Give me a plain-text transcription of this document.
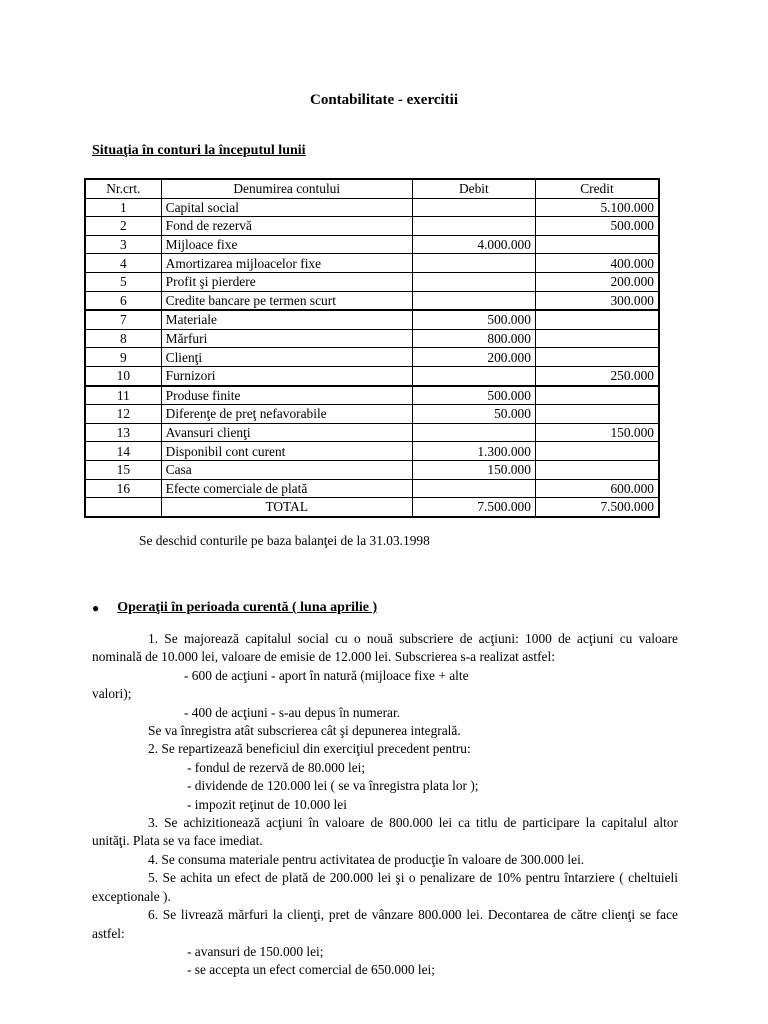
Contabilitate - exercitii
Situaţia în conturi la începutul lunii
Nr.crt.	Denumirea contului	Debit	Credit
1	Capital social		5.100.000
2	Fond de rezervă		500.000
3	Mijloace fixe	4.000.000	
4	Amortizarea mijloacelor fixe		400.000
5	Profit şi pierdere		200.000
6	Credite bancare pe termen scurt		300.000
7	Materiale	500.000	
8	Mărfuri	800.000	
9	Clienţi	200.000	
10	Furnizori		250.000
11	Produse finite	500.000	
12	Diferenţe de preţ nefavorabile	50.000	
13	Avansuri clienţi		150.000
14	Disponibil cont curent	1.300.000	
15	Casa	150.000	
16	Efecte comerciale de plată		600.000
	TOTAL	7.500.000	7.500.000
Se deschid conturile pe baza balanţei de la 31.03.1998
● Operaţii în perioada curentă ( luna aprilie )
1. Se majorează capitalul social cu o nouă subscriere de acţiuni: 1000 de acţiuni cu valoare nominală de 10.000 lei, valoare de emisie de 12.000 lei. Subscrierea s-a realizat astfel:
- 600 de acţiuni - aport în natură (mijloace fixe + alte
valori);
- 400 de acţiuni - s-au depus în numerar.
Se va înregistra atât subscrierea cât şi depunerea integrală.
2. Se repartizează beneficiul din exerciţiul precedent pentru:
- fondul de rezervă de 80.000 lei;
- dividende de 120.000 lei ( se va înregistra plata lor );
- impozit reţinut de 10.000 lei
3. Se achizitionează acţiuni în valoare de 800.000 lei ca titlu de participare la capitalul altor unităţi. Plata se va face imediat.
4. Se consuma materiale pentru activitatea de producţie în valoare de 300.000 lei.
5. Se achita un efect de plată de 200.000 lei şi o penalizare de 10% pentru întarziere ( cheltuieli exceptionale ).
6. Se livrează mărfuri la clienţi, pret de vânzare 800.000 lei. Decontarea de către clienţi se face astfel:
- avansuri de 150.000 lei;
- se accepta un efect comercial de 650.000 lei;
